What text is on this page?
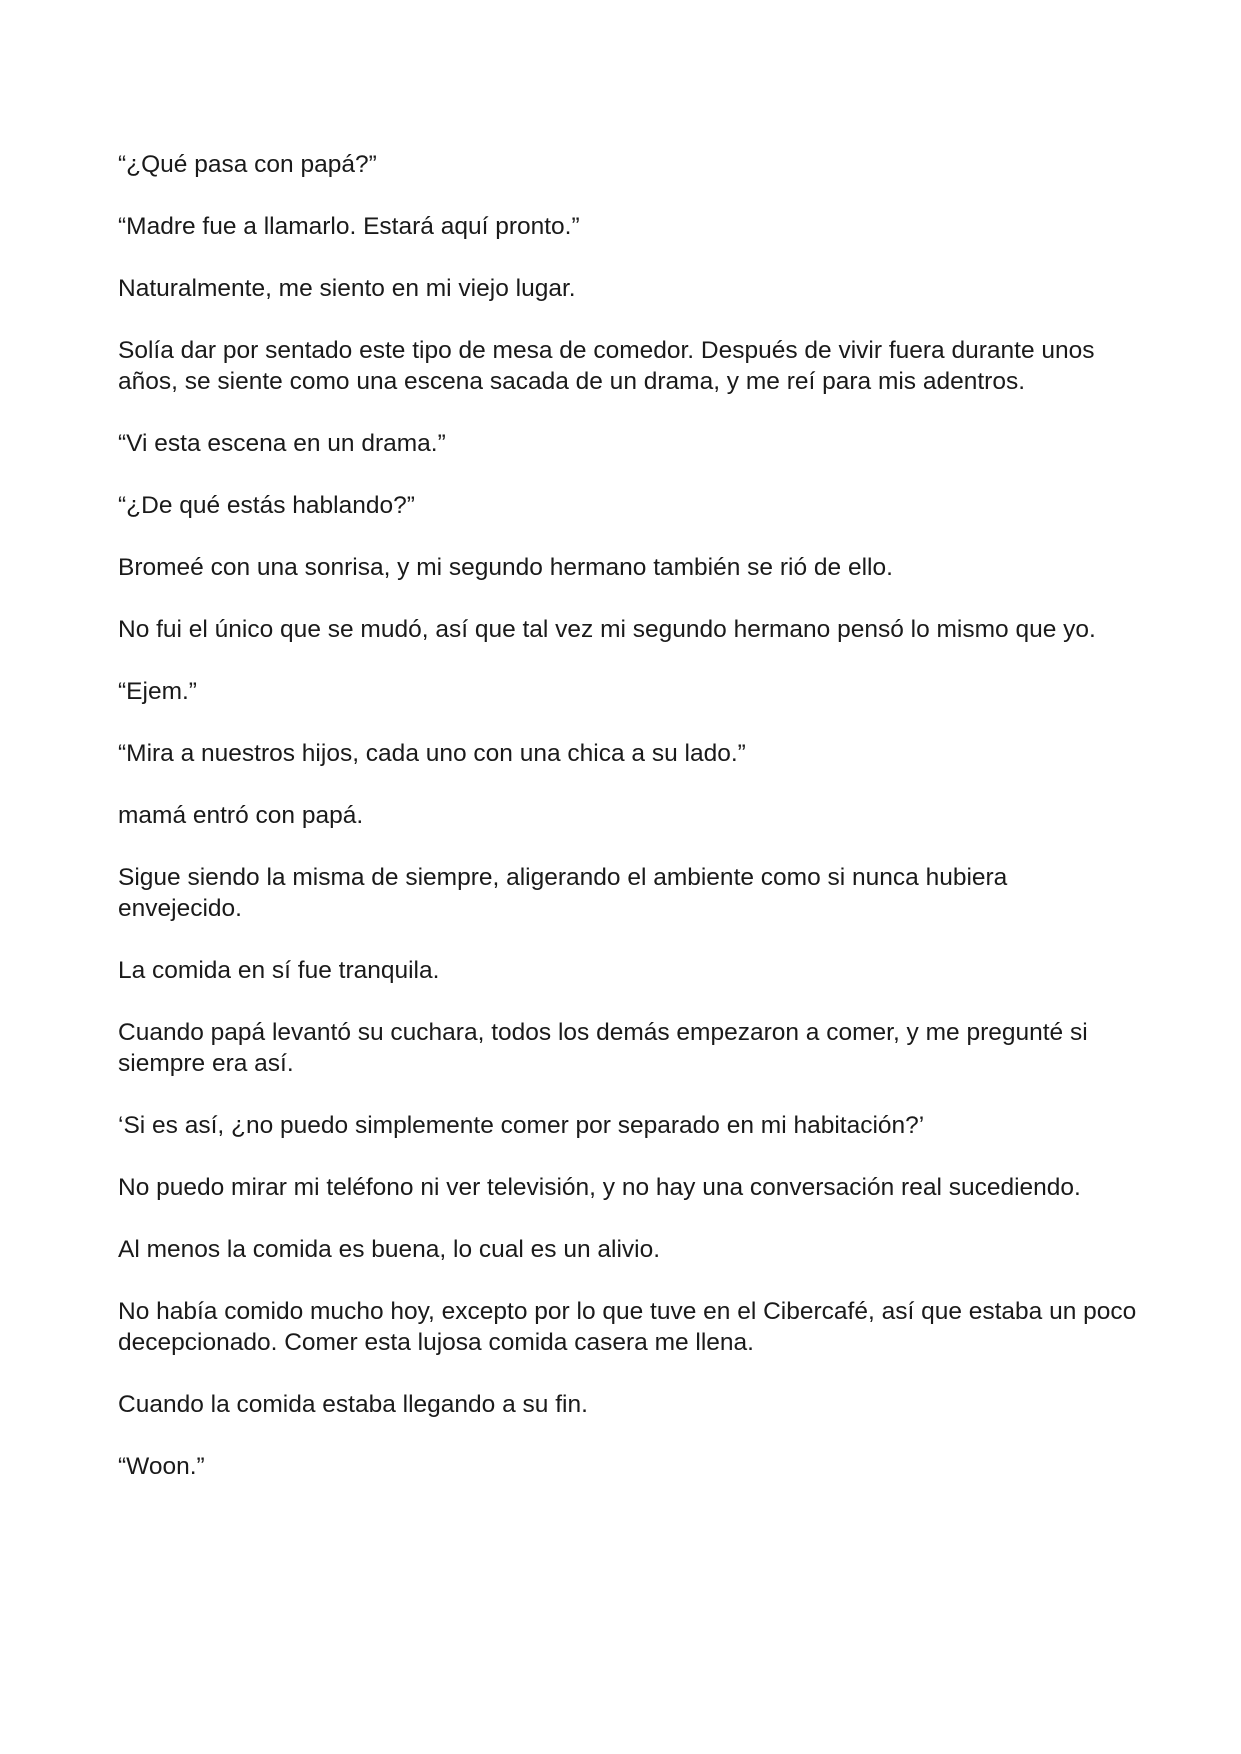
“¿Qué pasa con papá?”

“Madre fue a llamarlo. Estará aquí pronto.”

Naturalmente, me siento en mi viejo lugar.

Solía dar por sentado este tipo de mesa de comedor. Después de vivir fuera durante unos años, se siente como una escena sacada de un drama, y me reí para mis adentros.

“Vi esta escena en un drama.”

“¿De qué estás hablando?”

Bromeé con una sonrisa, y mi segundo hermano también se rió de ello.

No fui el único que se mudó, así que tal vez mi segundo hermano pensó lo mismo que yo.

“Ejem.”

“Mira a nuestros hijos, cada uno con una chica a su lado.”

mamá entró con papá.

Sigue siendo la misma de siempre, aligerando el ambiente como si nunca hubiera envejecido.

La comida en sí fue tranquila.

Cuando papá levantó su cuchara, todos los demás empezaron a comer, y me pregunté si siempre era así.

‘Si es así, ¿no puedo simplemente comer por separado en mi habitación?’

No puedo mirar mi teléfono ni ver televisión, y no hay una conversación real sucediendo.

Al menos la comida es buena, lo cual es un alivio.

No había comido mucho hoy, excepto por lo que tuve en el Cibercafé, así que estaba un poco decepcionado. Comer esta lujosa comida casera me llena.

Cuando la comida estaba llegando a su fin.

“Woon.”
